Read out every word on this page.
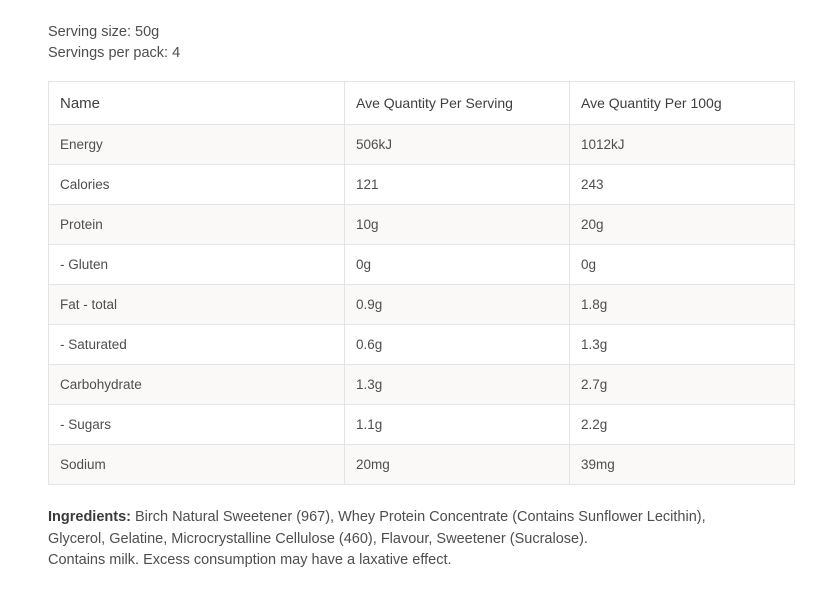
Serving size: 50g
Servings per pack: 4
Name	Ave Quantity Per Serving	Ave Quantity Per 100g
Energy	506kJ	1012kJ
Calories	121	243
Protein	10g	20g
- Gluten	0g	0g
Fat - total	0.9g	1.8g
- Saturated	0.6g	1.3g
Carbohydrate	1.3g	2.7g
- Sugars	1.1g	2.2g
Sodium	20mg	39mg
Ingredients: Birch Natural Sweetener (967), Whey Protein Concentrate (Contains Sunflower Lecithin),
Glycerol, Gelatine, Microcrystalline Cellulose (460), Flavour, Sweetener (Sucralose).
Contains milk. Excess consumption may have a laxative effect.
